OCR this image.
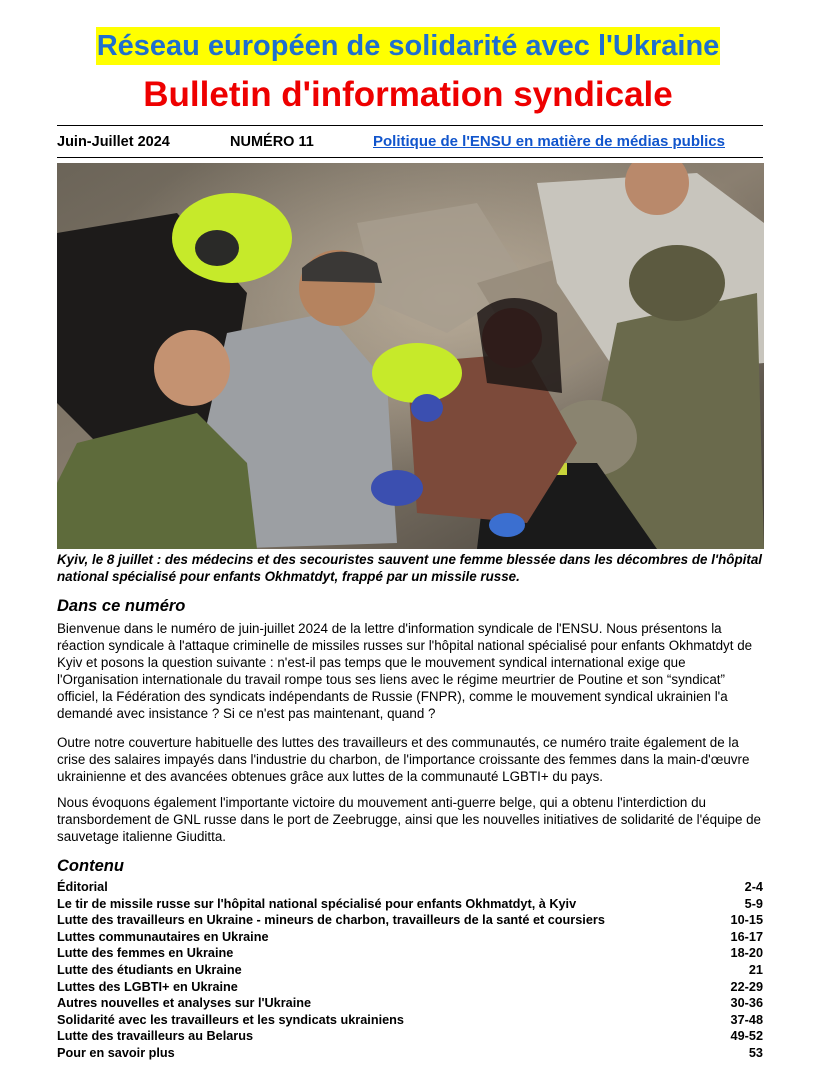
Réseau européen de solidarité avec l'Ukraine
Bulletin d'information syndicale
Juin-Juillet 2024	NUMÉRO 11	Politique de l'ENSU en matière de médias publics
Kyiv, le 8 juillet : des médecins et des secouristes sauvent une femme blessée dans les décombres de l'hôpital national spécialisé pour enfants Okhmatdyt, frappé par un missile russe.
Dans ce numéro
Bienvenue dans le numéro de juin-juillet 2024 de la lettre d'information syndicale de l'ENSU. Nous présentons la réaction syndicale à l'attaque criminelle de missiles russes sur l'hôpital national spécialisé pour enfants Okhmatdyt de Kyiv et posons la question suivante : n'est-il pas temps que le mouvement syndical international exige que l'Organisation internationale du travail rompe tous ses liens avec le régime meurtrier de Poutine et son “syndicat” officiel, la Fédération des syndicats indépendants de Russie (FNPR), comme le mouvement syndical ukrainien l'a demandé avec insistance ? Si ce n'est pas maintenant, quand ?
Outre notre couverture habituelle des luttes des travailleurs et des communautés, ce numéro traite également de la crise des salaires impayés dans l'industrie du charbon, de l'importance croissante des femmes dans la main-d'œuvre ukrainienne et des avancées obtenues grâce aux luttes de la communauté LGBTI+ du pays.
Nous évoquons également l'importante victoire du mouvement anti-guerre belge, qui a obtenu l'interdiction du transbordement de GNL russe dans le port de Zeebrugge, ainsi que les nouvelles initiatives de solidarité de l'équipe de sauvetage italienne Giuditta.
Contenu
Éditorial	2-4
Le tir de missile russe sur l'hôpital national spécialisé pour enfants Okhmatdyt, à Kyiv	5-9
Lutte des travailleurs en Ukraine - mineurs de charbon, travailleurs de la santé et coursiers	10-15
Luttes communautaires en Ukraine	16-17
Lutte des femmes en Ukraine	18-20
Lutte des étudiants en Ukraine	21
Luttes des LGBTI+ en Ukraine	22-29
Autres nouvelles et analyses sur l'Ukraine	30-36
Solidarité avec les travailleurs et les syndicats ukrainiens	37-48
Lutte des travailleurs au Belarus	49-52
Pour en savoir plus	53
